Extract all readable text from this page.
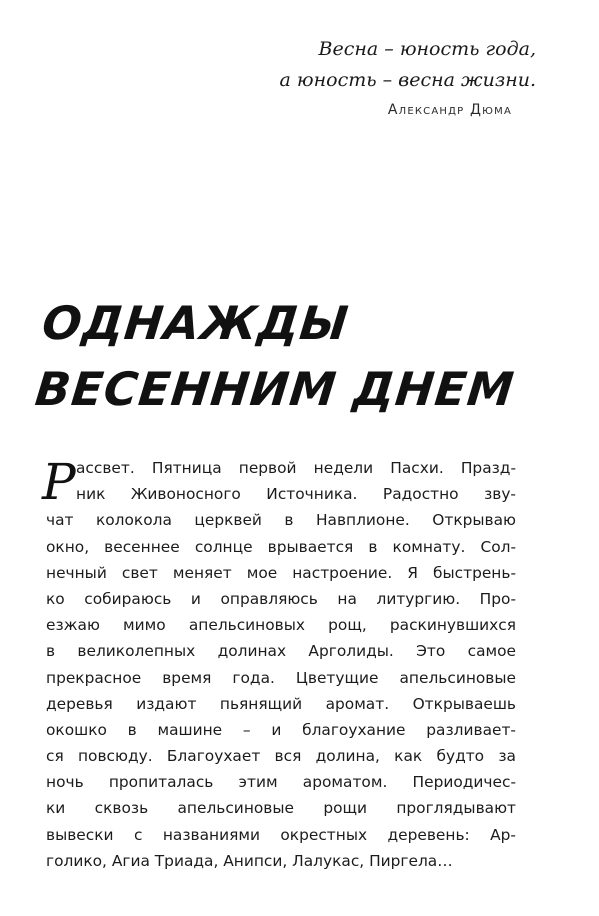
Весна – юность года,
а юность – весна жизни.
Александр Дюма
ОДНАЖДЫ
ВЕСЕННИМ ДНЕМ
Р ассвет. Пятница первой недели Пасхи. Празд-
ник Живоносного Источника. Радостно зву-
чат колокола церквей в Навплионе. Открываю
окно, весеннее солнце врывается в комнату. Сол-
нечный свет меняет мое настроение. Я быстрень-
ко собираюсь и оправляюсь на литургию. Про-
езжаю мимо апельсиновых рощ, раскинувшихся
в великолепных долинах Арголиды. Это самое
прекрасное время года. Цветущие апельсиновые
деревья издают пьянящий аромат. Открываешь
окошко в машине – и благоухание разливает-
ся повсюду. Благоухает вся долина, как будто за
ночь пропиталась этим ароматом. Периодичес-
ки сквозь апельсиновые рощи проглядывают
вывески с названиями окрестных деревень: Ар-
голико, Агиа Триада, Анипси, Лалукас, Пиргела…
